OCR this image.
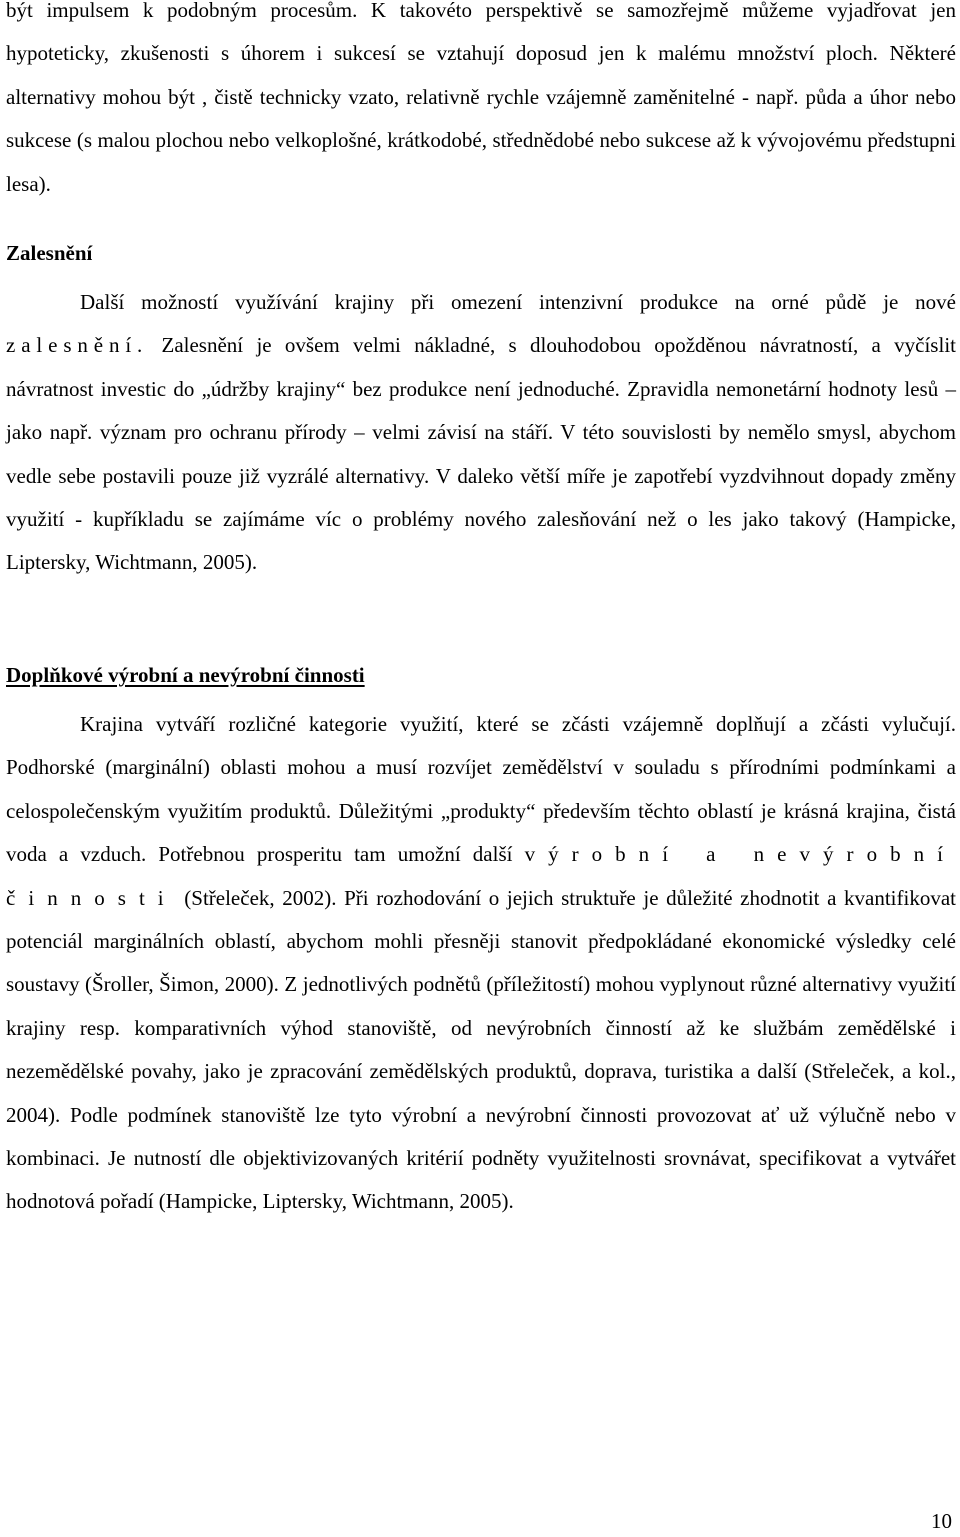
být impulsem k podobným procesům. K takovéto perspektivě se samozřejmě můžeme vyjadřovat jen hypoteticky, zkušenosti s úhorem i sukcesí se vztahují doposud jen k malému množství ploch. Některé alternativy mohou být , čistě technicky vzato, relativně rychle vzájemně zaměnitelné - např. půda a úhor nebo sukcese (s malou plochou nebo velkoplošné, krátkodobé, střednědobé nebo sukcese až k vývojovému předstupni lesa).

Zalesnění

Další možností využívání krajiny při omezení intenzivní produkce na orné půdě je nové zalesnění. Zalesnění je ovšem velmi nákladné, s dlouhodobou opožděnou návratností, a vyčíslit návratnost investic do „údržby krajiny“ bez produkce není jednoduché. Zpravidla nemonetární hodnoty lesů – jako např. význam pro ochranu přírody – velmi závisí na stáří. V této souvislosti by nemělo smysl, abychom vedle sebe postavili pouze již vyzrálé alternativy. V daleko větší míře je zapotřebí vyzdvihnout dopady změny využití - kupříkladu se zajímáme víc o problémy nového zalesňování než o les jako takový (Hampicke, Liptersky, Wichtmann, 2005).

Doplňkové výrobní a nevýrobní činnosti

Krajina vytváří rozličné kategorie využití, které se zčásti vzájemně doplňují a zčásti vylučují. Podhorské (marginální) oblasti mohou a musí rozvíjet zemědělství v souladu s přírodními podmínkami a celospolečenským využitím produktů. Důležitými „produkty“ především těchto oblastí je krásná krajina, čistá voda a vzduch. Potřebnou prosperitu tam umožní další výrobní a nevýrobní činnosti (Střeleček, 2002). Při rozhodování o jejich struktuře je důležité zhodnotit a kvantifikovat potenciál marginálních oblastí, abychom mohli přesněji stanovit předpokládané ekonomické výsledky celé soustavy (Šroller, Šimon, 2000). Z jednotlivých podnětů (příležitostí) mohou vyplynout různé alternativy využití krajiny resp. komparativních výhod stanoviště, od nevýrobních činností až ke službám zemědělské i nezemědělské povahy, jako je zpracování zemědělských produktů, doprava, turistika a další (Střeleček, a kol., 2004). Podle podmínek stanoviště lze tyto výrobní a nevýrobní činnosti provozovat ať už výlučně nebo v kombinaci. Je nutností dle objektivizovaných kritérií podněty využitelnosti srovnávat, specifikovat a vytvářet hodnotová pořadí (Hampicke, Liptersky, Wichtmann, 2005).

10
